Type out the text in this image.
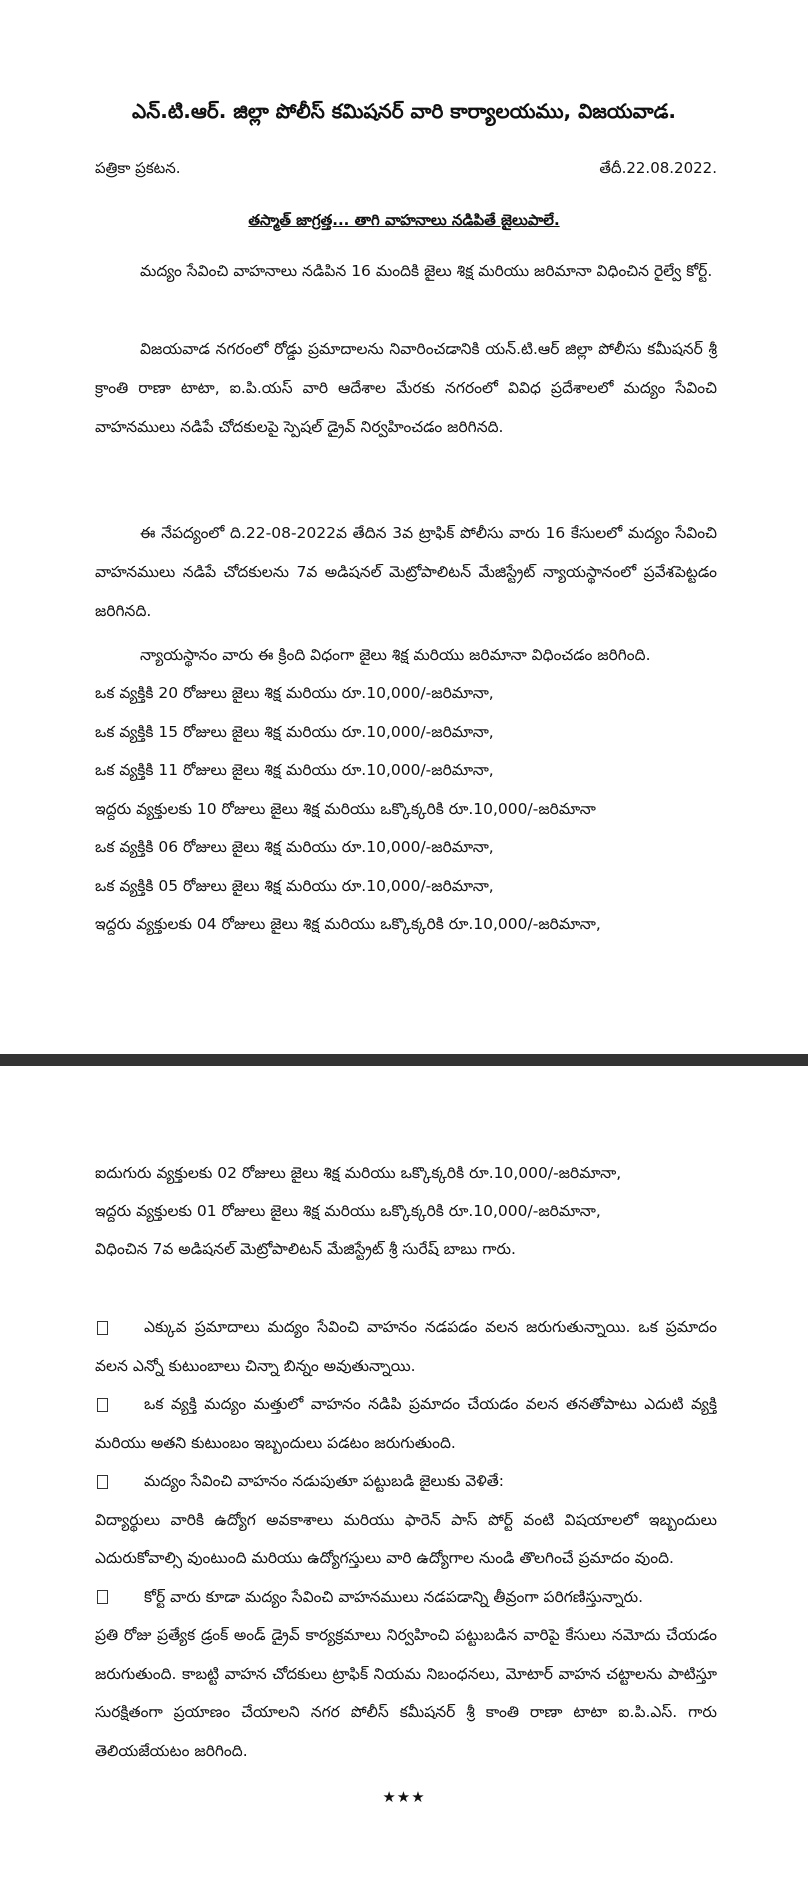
ఎన్.టి.ఆర్. జిల్లా పోలీస్ కమిషనర్ వారి కార్యాలయము, విజయవాడ.
పత్రికా ప్రకటన.	తేదీ.22.08.2022.
తస్మాత్ జాగ్రత్త... తాగి వాహనాలు నడిపితే జైలుపాలే.

మద్యం సేవించి వాహనాలు నడిపిన 16 మందికి జైలు శిక్ష మరియు జరిమానా విధించిన రైల్వే కోర్ట్.

విజయవాడ నగరంలో రోడ్డు ప్రమాదాలను నివారించడానికి యన్.టి.ఆర్ జిల్లా పోలీసు కమీషనర్ శ్రీ క్రాంతి రాణా టాటా, ఐ.పి.యస్ వారి ఆదేశాల మేరకు నగరంలో వివిధ ప్రదేశాలలో మద్యం సేవించి వాహనములు నడిపే చోదకులపై స్పెషల్ డ్రైవ్ నిర్వహించడం జరిగినది.

ఈ నేపద్యంలో ది.22-08-2022వ తేదిన 3వ ట్రాఫిక్ పోలీసు వారు 16 కేసులలో మద్యం సేవించి వాహనములు నడిపే చోదకులను 7వ అడిషనల్ మెట్రోపాలిటన్ మేజిస్ట్రేట్ న్యాయస్థానంలో ప్రవేశపెట్టడం జరిగినది.

న్యాయస్థానం వారు ఈ క్రింది విధంగా జైలు శిక్ష మరియు జరిమానా విధించడం జరిగింది.

ఒక వ్యక్తికి 20 రోజులు జైలు శిక్ష మరియు రూ.10,000/-జరిమానా,

ఒక వ్యక్తికి 15 రోజులు జైలు శిక్ష మరియు రూ.10,000/-జరిమానా,

ఒక వ్యక్తికి 11 రోజులు జైలు శిక్ష మరియు రూ.10,000/-జరిమానా,

ఇద్దరు వ్యక్తులకు 10 రోజులు జైలు శిక్ష మరియు ఒక్కొక్కరికి రూ.10,000/-జరిమానా

ఒక వ్యక్తికి 06 రోజులు జైలు శిక్ష మరియు రూ.10,000/-జరిమానా,

ఒక వ్యక్తికి 05 రోజులు జైలు శిక్ష మరియు రూ.10,000/-జరిమానా,

ఇద్దరు వ్యక్తులకు 04 రోజులు జైలు శిక్ష మరియు ఒక్కొక్కరికి రూ.10,000/-జరిమానా,

ఐదుగురు వ్యక్తులకు 02 రోజులు జైలు శిక్ష మరియు ఒక్కొక్కరికి రూ.10,000/-జరిమానా,

ఇద్దరు వ్యక్తులకు 01 రోజులు జైలు శిక్ష మరియు ఒక్కొక్కరికి రూ.10,000/-జరిమానా,

విధించిన 7వ అడిషనల్ మెట్రోపాలిటన్ మేజిస్ట్రేట్ శ్రీ సురేష్ బాబు గారు.

ఎక్కువ ప్రమాదాలు మద్యం సేవించి వాహనం నడపడం వలన జరుగుతున్నాయి. ఒక ప్రమాదం వలన ఎన్నో కుటుంబాలు చిన్నా బిన్నం అవుతున్నాయి.

ఒక వ్యక్తి మద్యం మత్తులో వాహనం నడిపి ప్రమాదం చేయడం వలన తనతోపాటు ఎదుటి వ్యక్తి మరియు అతని కుటుంబం ఇబ్బందులు పడటం జరుగుతుంది.

మద్యం సేవించి వాహనం నడుపుతూ పట్టుబడి జైలుకు వెళితే:

విద్యార్థులు వారికి ఉద్యోగ అవకాశాలు మరియు ఫారెన్ పాస్ పోర్ట్ వంటి విషయాలలో ఇబ్బందులు ఎదురుకోవాల్సి వుంటుంది మరియు ఉద్యోగస్తులు వారి ఉద్యోగాల నుండి తొలగించే ప్రమాదం వుంది.

కోర్ట్ వారు కూడా మద్యం సేవించి వాహనములు నడపడాన్ని తీవ్రంగా పరిగణిస్తున్నారు.

ప్రతి రోజు ప్రత్యేక డ్రంక్ అండ్ డ్రైవ్ కార్యక్రమాలు నిర్వహించి పట్టుబడిన వారిపై కేసులు నమోదు చేయడం జరుగుతుంది. కాబట్టి వాహన చోదకులు ట్రాఫిక్ నియమ నిబంధనలు, మోటార్ వాహన చట్టాలను పాటిస్తూ సురక్షితంగా ప్రయాణం చేయాలని నగర పోలీస్ కమీషనర్ శ్రీ కాంతి రాణా టాటా ఐ.పి.ఎస్. గారు తెలియజేయటం జరిగింది.

★★★
